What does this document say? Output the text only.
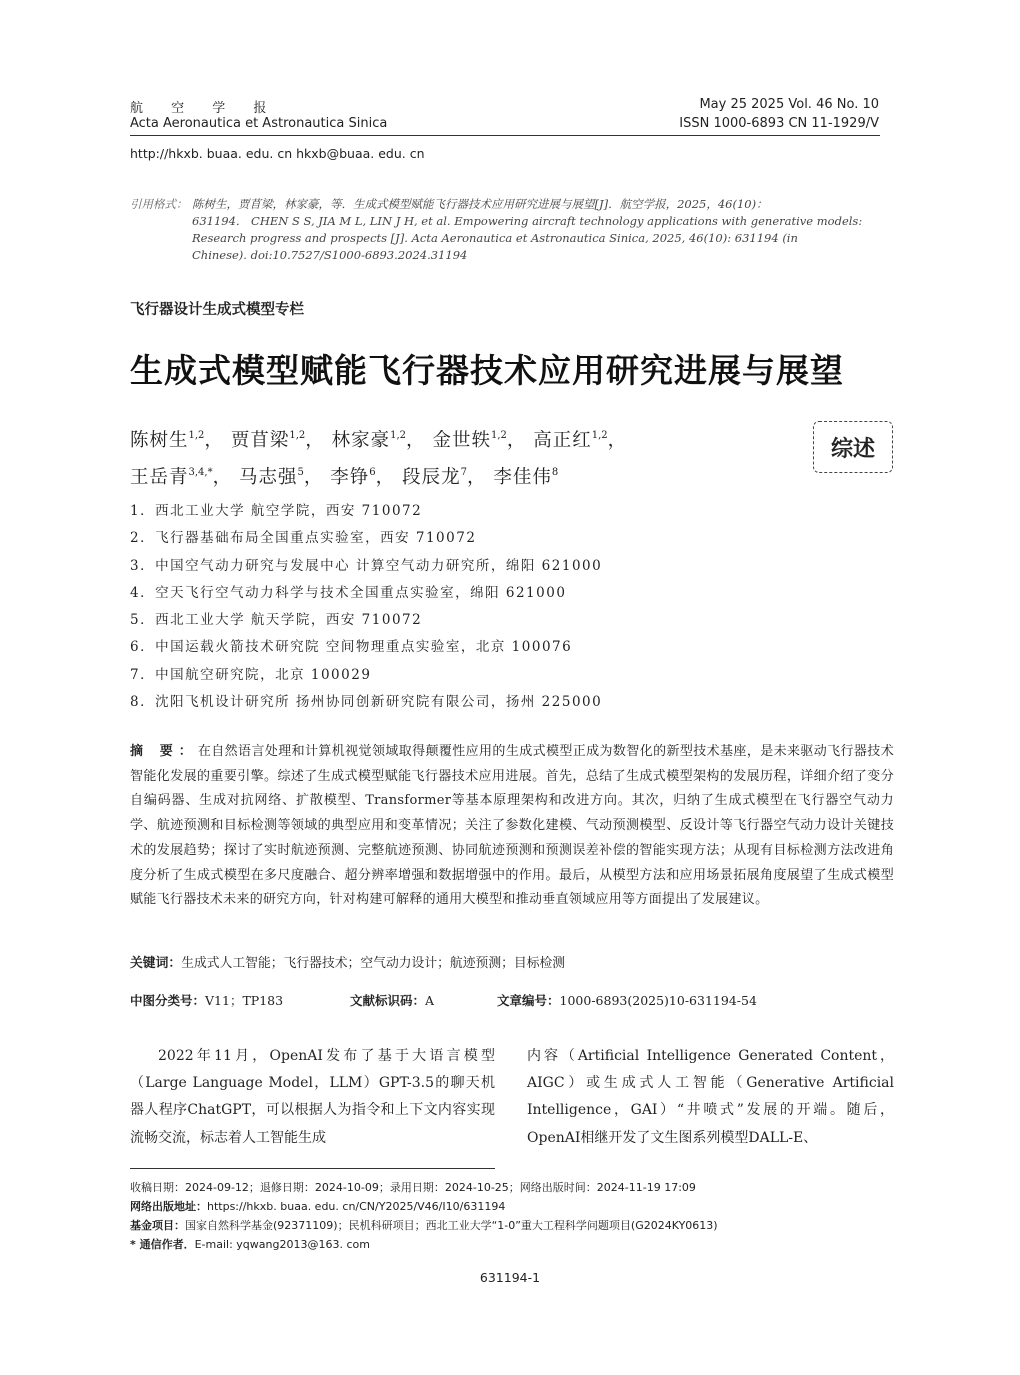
航 空 学 报
Acta Aeronautica et Astronautica Sinica
May 25 2025 Vol. 46 No. 10
ISSN 1000-6893 CN 11-1929/V
http://hkxb. buaa. edu. cn hkxb@buaa. edu. cn
引用格式： 陈树生，贾苜梁，林家豪，等．生成式模型赋能飞行器技术应用研究进展与展望[J]．航空学报，2025，46(10)：
631194． CHEN S S, JIA M L, LIN J H, et al. Empowering aircraft technology applications with generative models:
Research progress and prospects [J]. Acta Aeronautica et Astronautica Sinica, 2025, 46(10): 631194 (in
Chinese). doi:10.7527/S1000-6893.2024.31194
飞行器设计生成式模型专栏
生成式模型赋能飞行器技术应用研究进展与展望
陈树生$^{1,2}$， 贾苜梁$^{1,2}$， 林家豪$^{1,2}$， 金世轶$^{1,2}$， 高正红$^{1,2}$，
王岳青$^{3,4,*}$， 马志强$^5$， 李铮$^6$， 段辰龙$^7$， 李佳伟$^8$
综述
1．西北工业大学 航空学院，西安 710072
2．飞行器基础布局全国重点实验室，西安 710072
3．中国空气动力研究与发展中心 计算空气动力研究所，绵阳 621000
4．空天飞行空气动力科学与技术全国重点实验室，绵阳 621000
5．西北工业大学 航天学院，西安 710072
6．中国运载火箭技术研究院 空间物理重点实验室，北京 100076
7．中国航空研究院，北京 100029
8．沈阳飞机设计研究所 扬州协同创新研究院有限公司，扬州 225000
摘 要：在自然语言处理和计算机视觉领域取得颠覆性应用的生成式模型正成为数智化的新型技术基座，是未来驱动飞行器技术智能化发展的重要引擎。综述了生成式模型赋能飞行器技术应用进展。首先，总结了生成式模型架构的发展历程，详细介绍了变分自编码器、生成对抗网络、扩散模型、Transformer等基本原理架构和改进方向。其次，归纳了生成式模型在飞行器空气动力学、航迹预测和目标检测等领域的典型应用和变革情况；关注了参数化建模、气动预测模型、反设计等飞行器空气动力设计关键技术的发展趋势；探讨了实时航迹预测、完整航迹预测、协同航迹预测和预测误差补偿的智能实现方法；从现有目标检测方法改进角度分析了生成式模型在多尺度融合、超分辨率增强和数据增强中的作用。最后，从模型方法和应用场景拓展角度展望了生成式模型赋能飞行器技术未来的研究方向，针对构建可解释的通用大模型和推动垂直领域应用等方面提出了发展建议。
关键词：生成式人工智能；飞行器技术；空气动力设计；航迹预测；目标检测
中图分类号：V11；TP183	文献标识码：A	文章编号：1000-6893(2025)10-631194-54
2022年11月，OpenAI发布了基于大语言模型（Large Language Model，LLM）GPT-3.5的聊天机器人程序ChatGPT，可以根据人为指令和上下文内容实现流畅交流，标志着人工智能生成
内容（Artificial Intelligence Generated Content，AIGC）或生成式人工智能（Generative Artificial Intelligence，GAI）“井喷式”发展的开端。随后，OpenAI相继开发了文生图系列模型DALL-E、
收稿日期：2024-09-12；退修日期：2024-10-09；录用日期：2024-10-25；网络出版时间：2024-11-19 17:09
网络出版地址：https://hkxb. buaa. edu. cn/CN/Y2025/V46/I10/631194
基金项目：国家自然科学基金(92371109)；民机科研项目；西北工业大学“1-0”重大工程科学问题项目(G2024KY0613)
* 通信作者．E-mail: yqwang2013@163. com
631194-1
